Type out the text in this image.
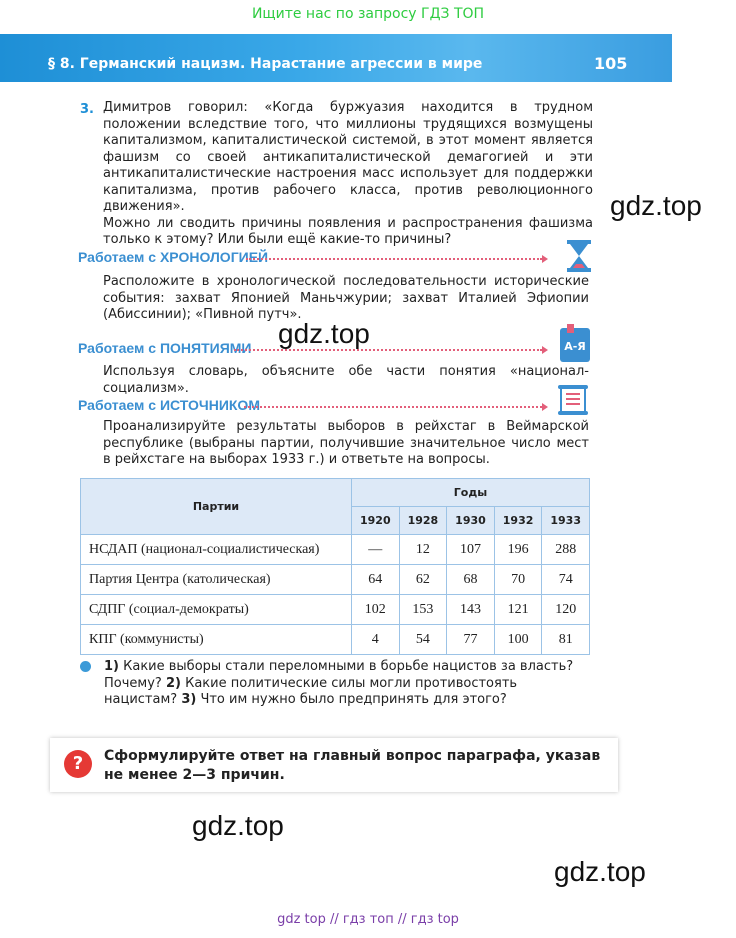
Ищите нас по запросу ГДЗ ТОП
§ 8. Германский нацизм. Нарастание агрессии в мире	105
3. Димитров говорил: «Когда буржуазия находится в трудном положении вследствие того, что миллионы трудящихся возмущены капитализмом, капиталистической системой, в этот момент является фашизм со своей антикапиталистической демагогией и эти антикапиталистические настроения масс использует для поддержки капитализма, против рабочего класса, против революционного движения».
Можно ли сводить причины появления и распространения фашизма только к этому? Или были ещё какие-то причины?
Работаем с ХРОНОЛОГИЕЙ
Расположите в хронологической последовательности исторические события: захват Японией Маньчжурии; захват Италией Эфиопии (Абиссинии); «Пивной путч».
Работаем с ПОНЯТИЯМИ	А-Я
Используя словарь, объясните обе части понятия «национал-социализм».
Работаем с ИСТОЧНИКОМ
Проанализируйте результаты выборов в рейхстаг в Веймарской республике (выбраны партии, получившие значительное число мест в рейхстаге на выборах 1933 г.) и ответьте на вопросы.
Партии	Годы				
	1920	1928	1930	1932	1933
НСДАП (национал-социалистическая)	—	12	107	196	288
Партия Центра (католическая)	64	62	68	70	74
СДПГ (социал-демократы)	102	153	143	121	120
КПГ (коммунисты)	4	54	77	100	81
1) Какие выборы стали переломными в борьбе нацистов за власть? Почему? 2) Какие политические силы могли противостоять нацистам? 3) Что им нужно было предпринять для этого?
?	Сформулируйте ответ на главный вопрос параграфа, указав не менее 2—3 причин.
gdz.top
gdz.top
gdz.top
gdz.top
gdz top // гдз топ // гдз top
